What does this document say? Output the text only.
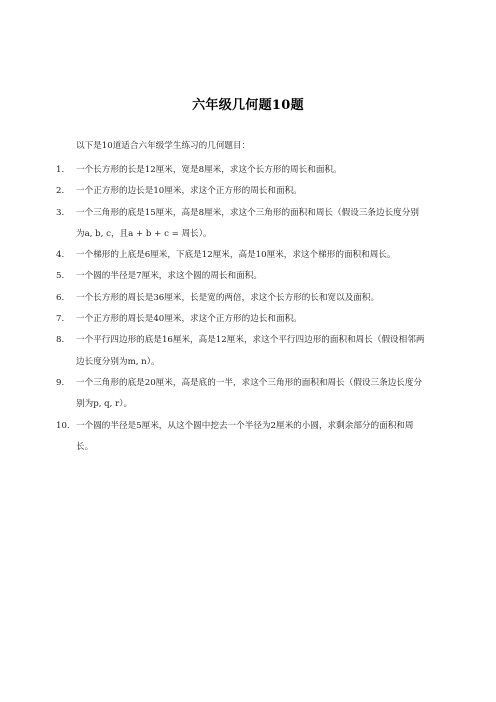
六年级几何题10题
以下是10道适合六年级学生练习的几何题目：
1.	一个长方形的长是12厘米，宽是8厘米，求这个长方形的周长和面积。
2.	一个正方形的边长是10厘米，求这个正方形的周长和面积。
3.	一个三角形的底是15厘米，高是8厘米，求这个三角形的面积和周长（假设三条边长度分别为a, b, c，且a + b + c = 周长）。
4.	一个梯形的上底是6厘米，下底是12厘米，高是10厘米，求这个梯形的面积和周长。
5.	一个圆的半径是7厘米，求这个圆的周长和面积。
6.	一个长方形的周长是36厘米，长是宽的两倍，求这个长方形的长和宽以及面积。
7.	一个正方形的周长是40厘米，求这个正方形的边长和面积。
8.	一个平行四边形的底是16厘米，高是12厘米，求这个平行四边形的面积和周长（假设相邻两边长度分别为m, n）。
9.	一个三角形的底是20厘米，高是底的一半，求这个三角形的面积和周长（假设三条边长度分别为p, q, r）。
10. 一个圆的半径是5厘米，从这个圆中挖去一个半径为2厘米的小圆，求剩余部分的面积和周长。
